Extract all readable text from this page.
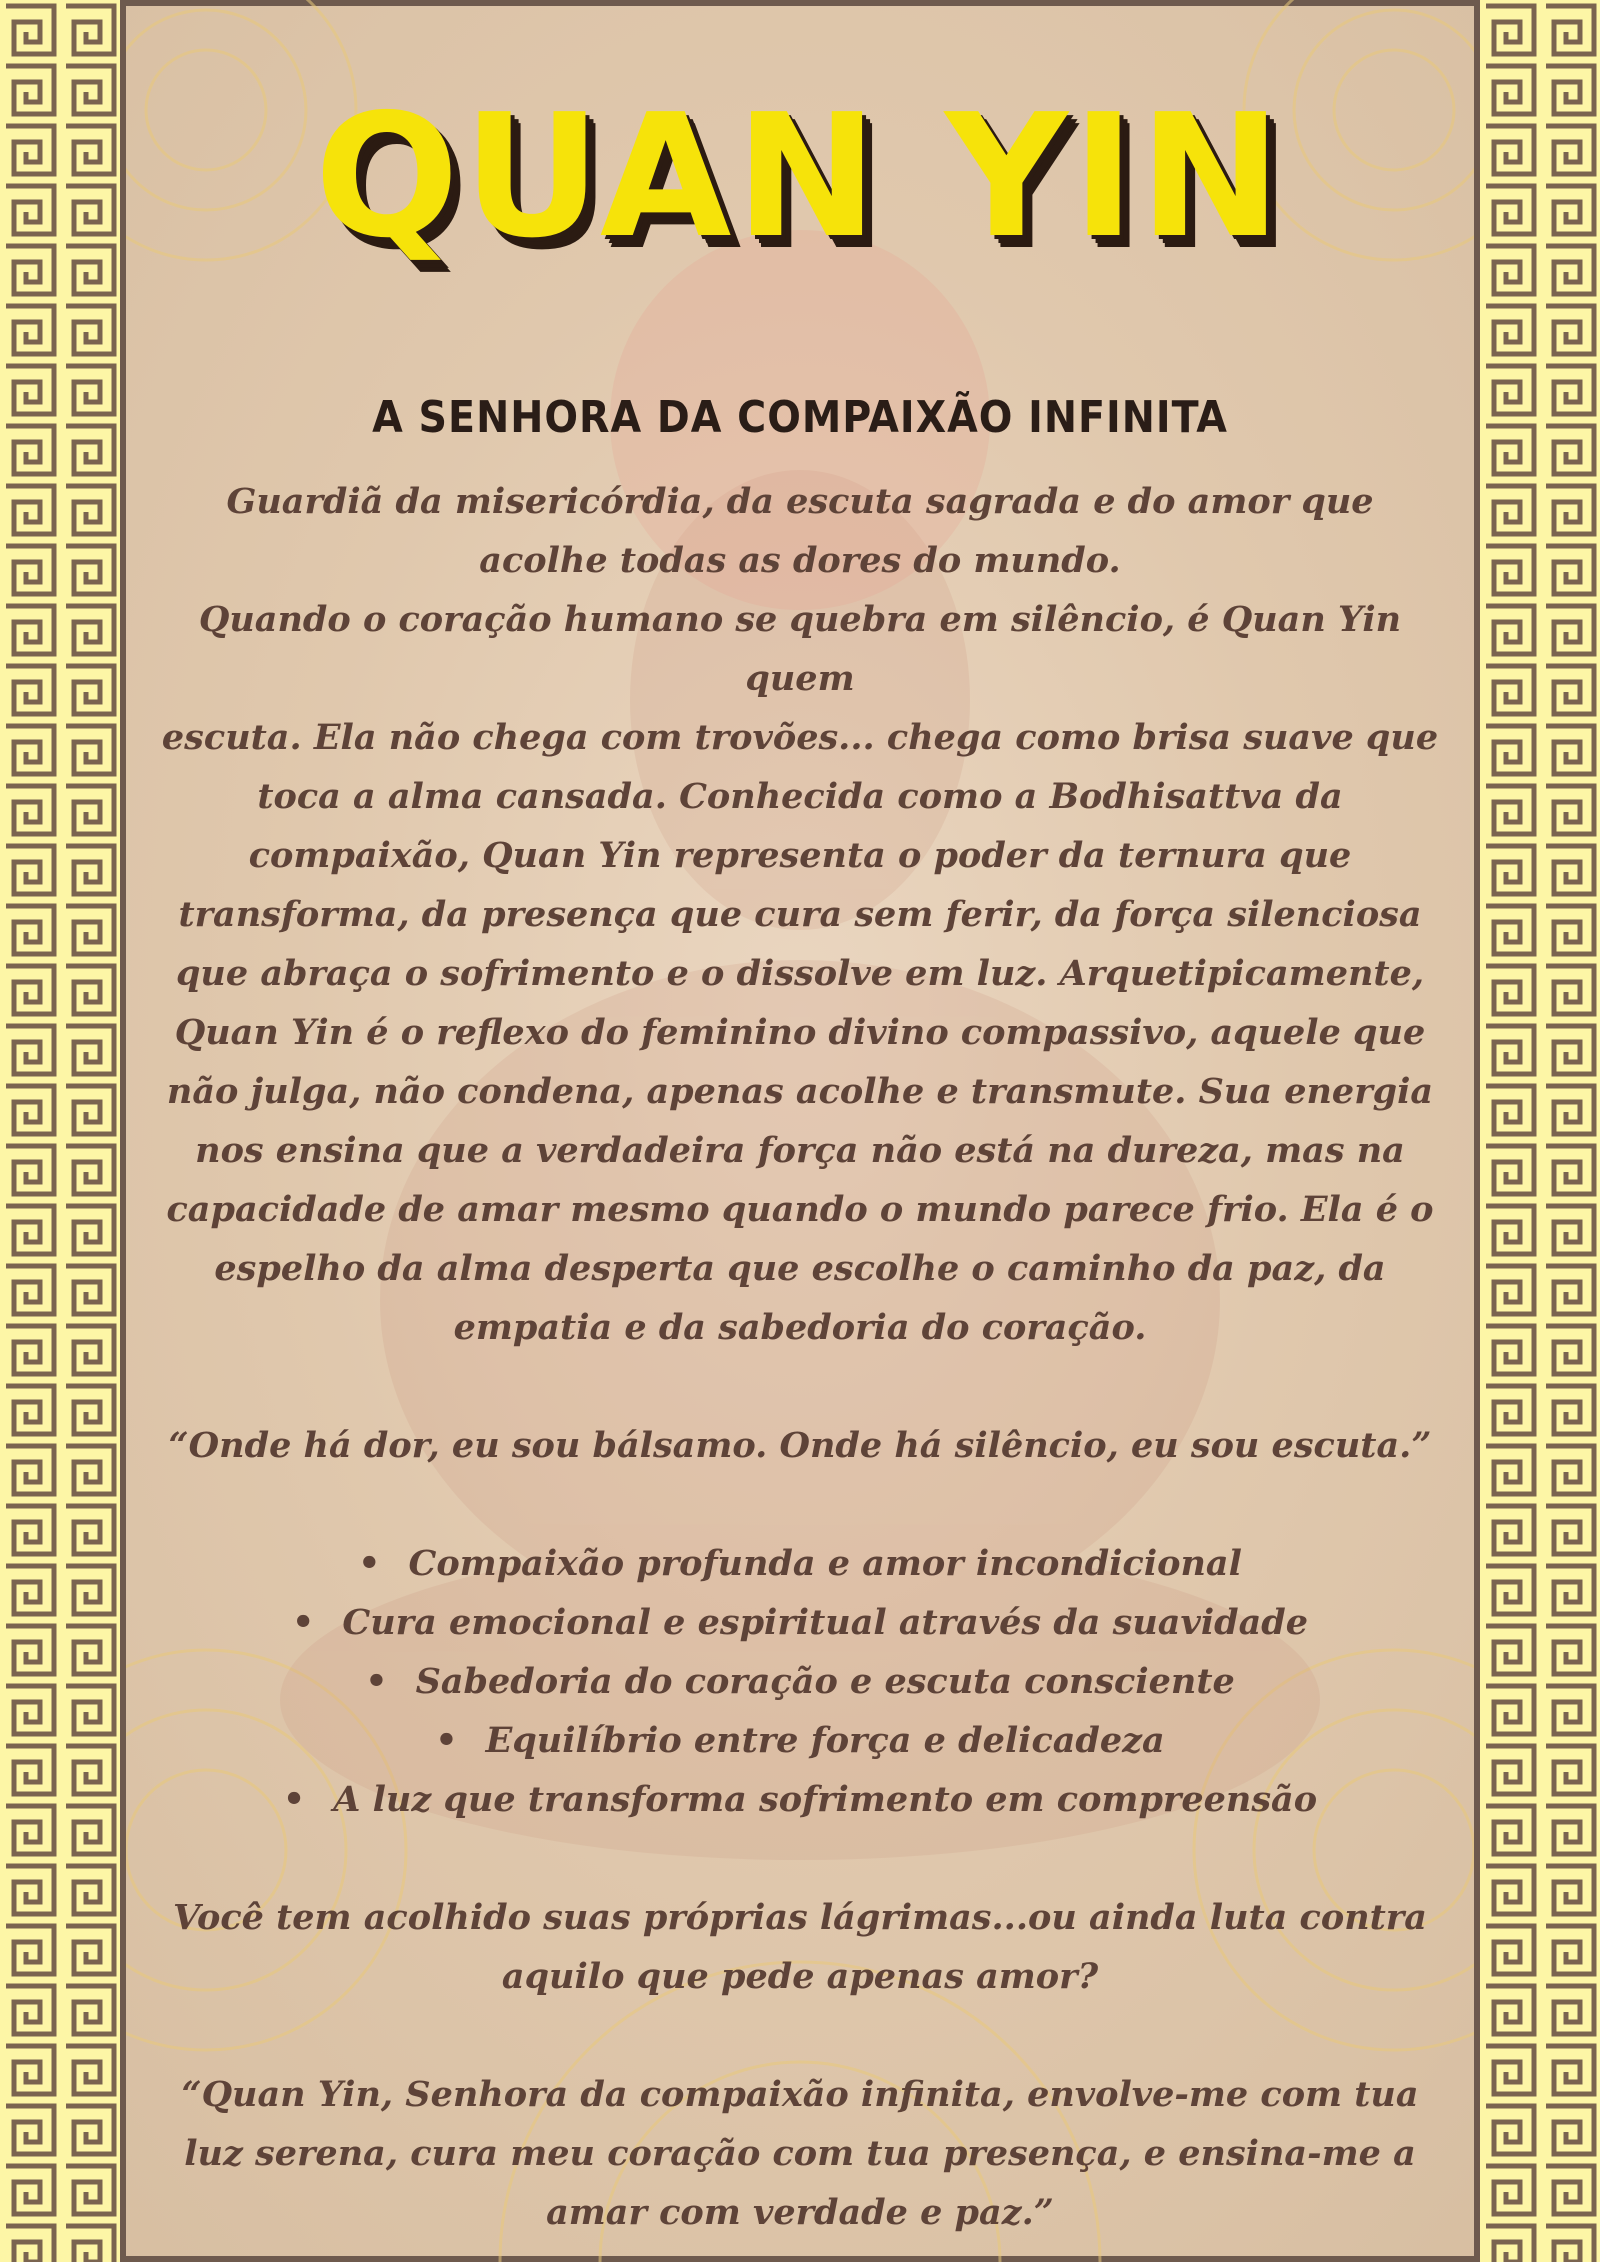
QUAN YIN
A SENHORA DA COMPAIXÃO INFINITA

Guardiã da misericórdia, da escuta sagrada e do amor que

acolhe todas as dores do mundo.

Quando o coração humano se quebra em silêncio, é Quan Yin quem

escuta. Ela não chega com trovões... chega como brisa suave que

toca a alma cansada. Conhecida como a Bodhisattva da

compaixão, Quan Yin representa o poder da ternura que

transforma, da presença que cura sem ferir, da força silenciosa

que abraça o sofrimento e o dissolve em luz. Arquetipicamente,

Quan Yin é o reflexo do feminino divino compassivo, aquele que

não julga, não condena, apenas acolhe e transmute. Sua energia

nos ensina que a verdadeira força não está na dureza, mas na

capacidade de amar mesmo quando o mundo parece frio. Ela é o

espelho da alma desperta que escolhe o caminho da paz, da

empatia e da sabedoria do coração.

“Onde há dor, eu sou bálsamo. Onde há silêncio, eu sou escuta.”

• Compaixão profunda e amor incondicional
• Cura emocional e espiritual através da suavidade
• Sabedoria do coração e escuta consciente
• Equilíbrio entre força e delicadeza
• A luz que transforma sofrimento em compreensão

Você tem acolhido suas próprias lágrimas...ou ainda luta contra

aquilo que pede apenas amor?

“Quan Yin, Senhora da compaixão infinita, envolve-me com tua

luz serena, cura meu coração com tua presença, e ensina-me a

amar com verdade e paz.”
